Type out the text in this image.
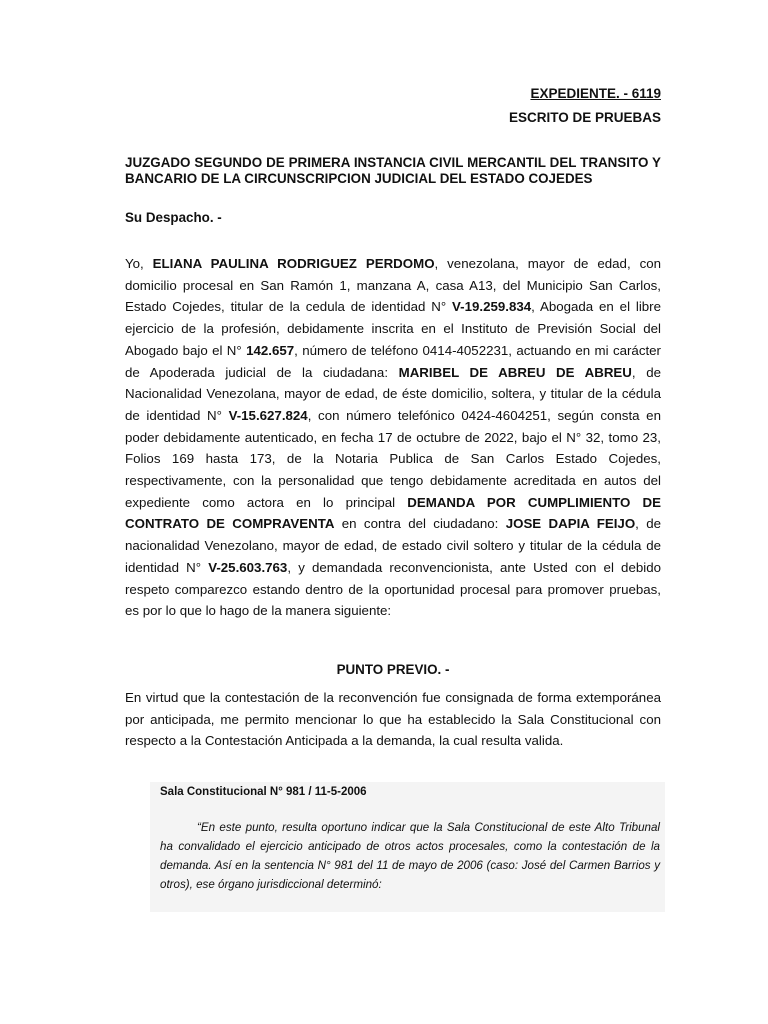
EXPEDIENTE. - 6119
ESCRITO DE PRUEBAS
JUZGADO SEGUNDO DE PRIMERA INSTANCIA CIVIL MERCANTIL DEL TRANSITO Y BANCARIO DE LA CIRCUNSCRIPCION JUDICIAL DEL ESTADO COJEDES
Su Despacho. -
Yo, ELIANA PAULINA RODRIGUEZ PERDOMO, venezolana, mayor de edad, con domicilio procesal en San Ramón 1, manzana A, casa A13, del Municipio San Carlos, Estado Cojedes, titular de la cedula de identidad N° V-19.259.834, Abogada en el libre ejercicio de la profesión, debidamente inscrita en el Instituto de Previsión Social del Abogado bajo el N° 142.657, número de teléfono 0414-4052231, actuando en mi carácter de Apoderada judicial de la ciudadana: MARIBEL DE ABREU DE ABREU, de Nacionalidad Venezolana, mayor de edad, de éste domicilio, soltera, y titular de la cédula de identidad N° V-15.627.824, con número telefónico 0424-4604251, según consta en poder debidamente autenticado, en fecha 17 de octubre de 2022, bajo el N° 32, tomo 23, Folios 169 hasta 173, de la Notaria Publica de San Carlos Estado Cojedes, respectivamente, con la personalidad que tengo debidamente acreditada en autos del expediente como actora en lo principal DEMANDA POR CUMPLIMIENTO DE CONTRATO DE COMPRAVENTA en contra del ciudadano: JOSE DAPIA FEIJO, de nacionalidad Venezolano, mayor de edad, de estado civil soltero y titular de la cédula de identidad N° V-25.603.763, y demandada reconvencionista, ante Usted con el debido respeto comparezco estando dentro de la oportunidad procesal para promover pruebas, es por lo que lo hago de la manera siguiente:
PUNTO PREVIO. -
En virtud que la contestación de la reconvención fue consignada de forma extemporánea por anticipada, me permito mencionar lo que ha establecido la Sala Constitucional con respecto a la Contestación Anticipada a la demanda, la cual resulta valida.
Sala Constitucional N° 981 / 11-5-2006
“En este punto, resulta oportuno indicar que la Sala Constitucional de este Alto Tribunal ha convalidado el ejercicio anticipado de otros actos procesales, como la contestación de la demanda. Así en la sentencia N° 981 del 11 de mayo de 2006 (caso: José del Carmen Barrios y otros), ese órgano jurisdiccional determinó:
